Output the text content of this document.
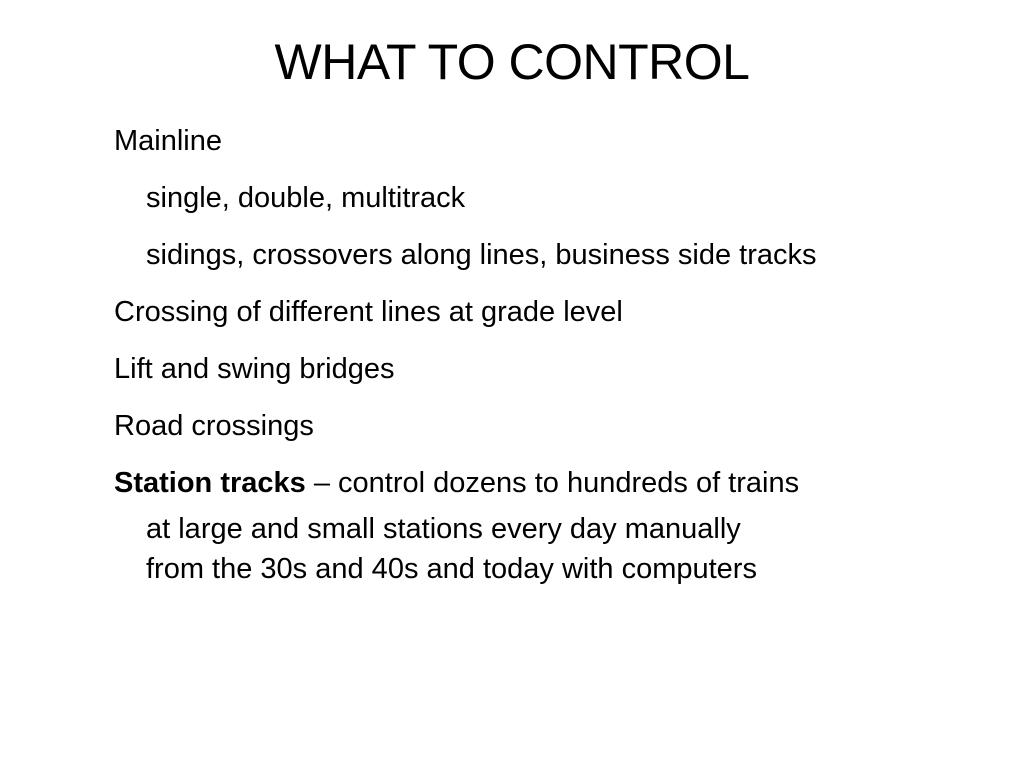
WHAT TO CONTROL
Mainline
single, double, multitrack
sidings, crossovers along lines, business side tracks
Crossing of different lines at grade level
Lift and swing bridges
Road crossings
Station tracks – control dozens to hundreds of trains
at large and small stations every day manually
from the 30s and 40s and today with computers
